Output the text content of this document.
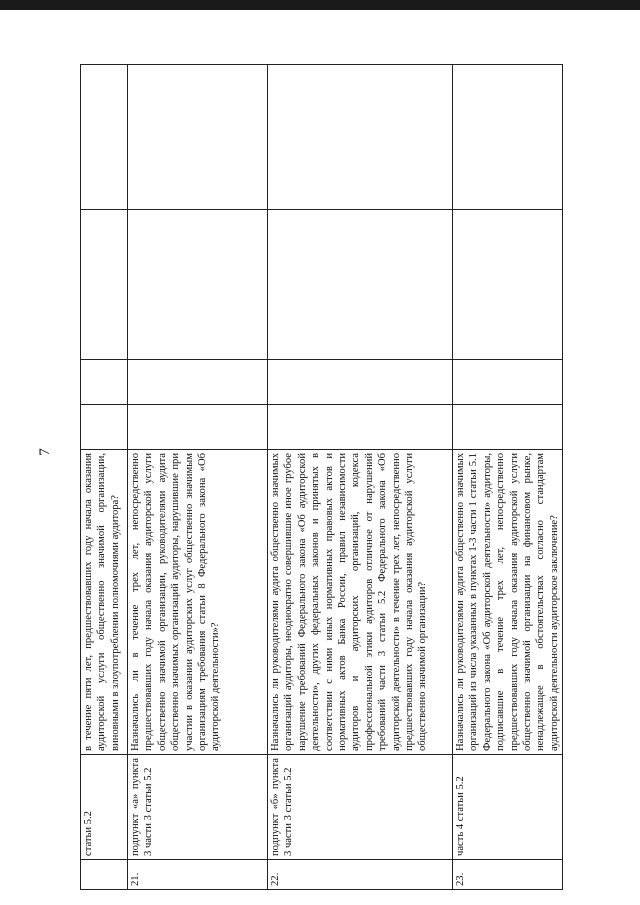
7
	статьи 5.2	в течение пяти лет, предшествовавших году начала оказания аудиторской услуги общественно значимой организации, виновными в злоупотреблении полномочиями аудитора?				
21.	подпункт «а» пункта 3 части 3 статьи 5.2	Назначались ли в течение трех лет, непосредственно предшествовавших году начала оказания аудиторской услуги общественно значимой организации, руководителями аудита общественно значимых организаций аудиторы, нарушившие при участии в оказании аудиторских услуг общественно значимым организациям требования статьи 8 Федерального закона «Об аудиторской деятельности»?				
22.	подпункт «б» пункта 3 части 3 статьи 5.2	Назначались ли руководителями аудита общественно значимых организаций аудиторы, неоднократно совершившие иное грубое нарушение требований Федерального закона «Об аудиторской деятельности», других федеральных законов и принятых в соответствии с ними иных нормативных правовых актов и нормативных актов Банка России, правил независимости аудиторов и аудиторских организаций, кодекса профессиональной этики аудиторов отличное от нарушений требований части 3 статьи 5.2 Федерального закона «Об аудиторской деятельности» в течение трех лет, непосредственно предшествовавших году начала оказания аудиторской услуги общественно значимой организации?				
23.	часть 4 статьи 5.2	Назначались ли руководителями аудита общественно значимых организаций из числа указанных в пунктах 1-3 части 1 статьи 5.1 Федерального закона «Об аудиторской деятельности» аудиторы, подписавшие в течение трех лет, непосредственно предшествовавших году начала оказания аудиторской услуги общественно значимой организации на финансовом рынке, ненадлежащее в обстоятельствах согласно стандартам аудиторской деятельности аудиторское заключение?				
